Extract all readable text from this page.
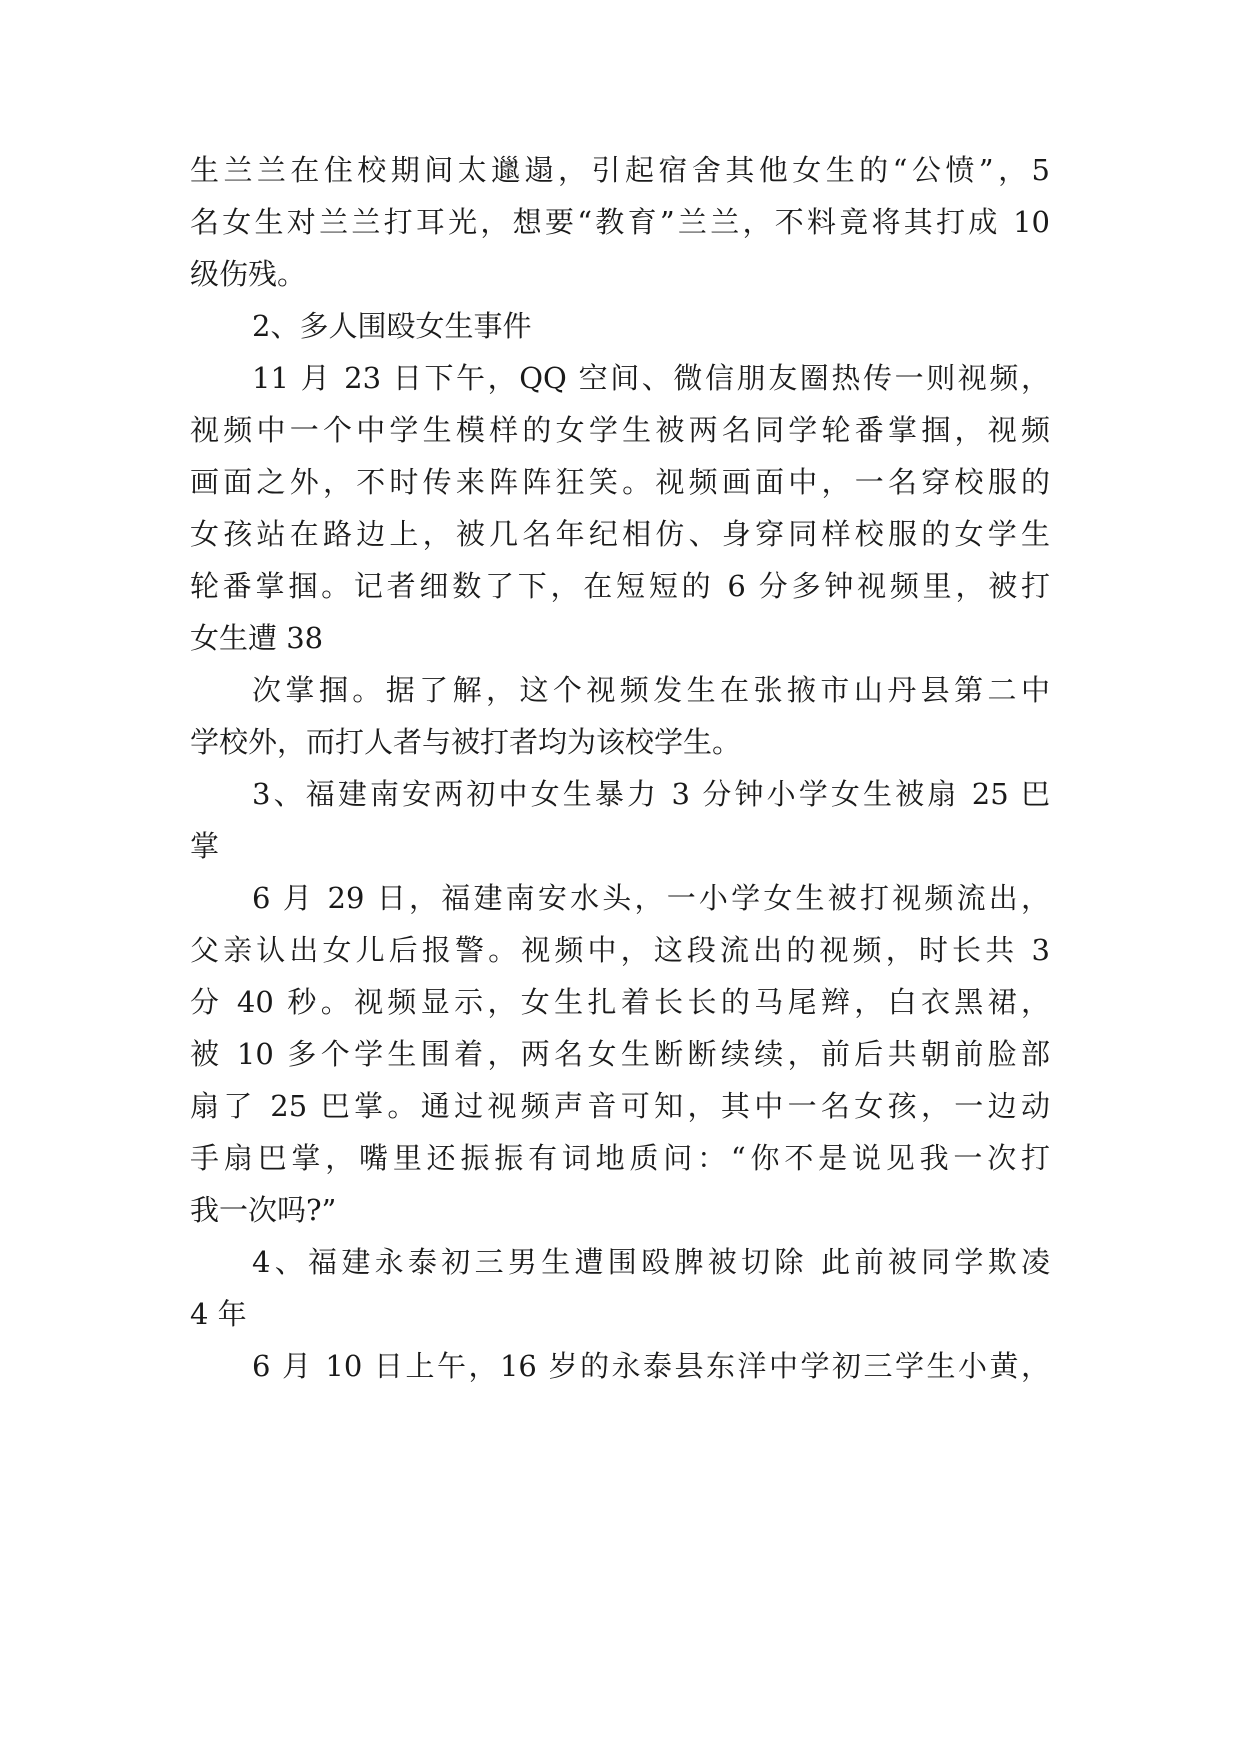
生兰兰在住校期间太邋遢，引起宿舍其他女生的“公愤”，5
名女生对兰兰打耳光，想要“教育”兰兰，不料竟将其打成 10
级伤残。
2、多人围殴女生事件
11 月 23 日下午，QQ 空间、微信朋友圈热传一则视频，
视频中一个中学生模样的女学生被两名同学轮番掌掴，视频
画面之外，不时传来阵阵狂笑。视频画面中，一名穿校服的
女孩站在路边上，被几名年纪相仿、身穿同样校服的女学生
轮番掌掴。记者细数了下，在短短的 6 分多钟视频里，被打
女生遭 38
次掌掴。据了解，这个视频发生在张掖市山丹县第二中
学校外，而打人者与被打者均为该校学生。
3、福建南安两初中女生暴力 3 分钟小学女生被扇 25 巴
掌
6 月 29 日，福建南安水头，一小学女生被打视频流出，
父亲认出女儿后报警。视频中，这段流出的视频，时长共 3
分 40 秒。视频显示，女生扎着长长的马尾辫，白衣黑裙，
被 10 多个学生围着，两名女生断断续续，前后共朝前脸部
扇了 25 巴掌。通过视频声音可知，其中一名女孩，一边动
手扇巴掌，嘴里还振振有词地质问：“你不是说见我一次打
我一次吗?”
4、福建永泰初三男生遭围殴脾被切除 此前被同学欺凌
4 年
6 月 10 日上午，16 岁的永泰县东洋中学初三学生小黄，
